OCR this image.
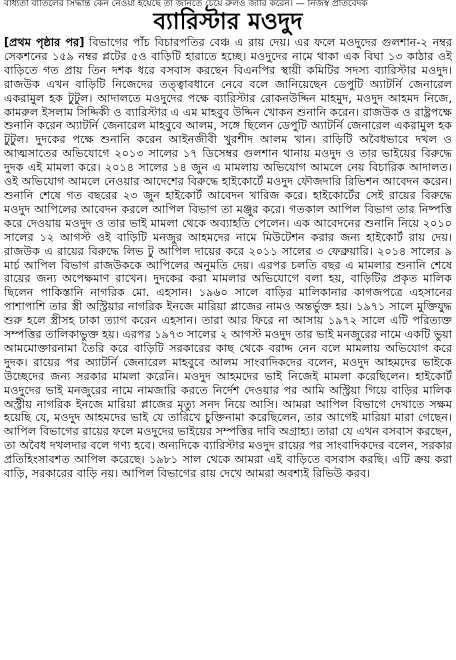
বাধ্যতা বাতিলের সিদ্ধান্ত কেন নেওয়া হয়েছে তা জানতে চেয়ে রুলও জারি করেন। — নিজস্ব প্রতিবেদক
ব্যারিস্টার মওদুদ
[প্রথম পৃষ্ঠার পর] বিভাগের পাঁচ বিচারপতির বেঞ্চ এ রায় দেয়। এর ফলে মওদুদের গুলশান-২ নম্বর সেকশনের ১৫৯ নম্বর প্লটের ৫ও বাড়িটি হারাতে হচ্ছে। মওদুদের নামে থাকা এক বিঘা ১৩ কাঠার ওই বাড়িতে গত প্রায় তিন দশক ধরে বসবাস করছেন বিএনপির স্থায়ী কমিটির সদস্য ব্যারিস্টার মওদুদ। রাজউক এখন বাড়িটি নিজেদের তত্ত্বাবধানে নেবে বলে জানিয়েছেন ডেপুটি অ্যাটর্নি জেনারেল একরামুল হক টুটুল। আদালতে মওদুদের পক্ষে ব্যারিস্টার রোকনউদ্দিন মাহমুদ, মওদুদ আহমদ নিজে, কামরুল ইসলাম সিদ্দিকী ও ব্যারিস্টার এ এম মাহবুব উদ্দিন খোকন শুনানি করেন। রাজউক ও রাষ্ট্রপক্ষে শুনানি করেন অ্যাটর্নি জেনারেল মাহবুবে আলম, সঙ্গে ছিলেন ডেপুটি অ্যাটর্নি জেনারেল একরামুল হক টুটুল। দুদকের পক্ষে শুনানি করেন আইনজীবী খুরশীদ আলম খান। বাড়িটি অবৈধভাবে দখল ও আত্মসাতের অভিযোগে ২০১৩ সালের ১৭ ডিসেম্বর গুলশান থানায় মওদুদ ও তার ভাইয়ের বিরুদ্ধে দুদক এই মামলা করে। ২০১৪ সালের ১৪ জুন এ মামলায় অভিযোগ আমলে নেয় বিচারিক আদালত। ওই অভিযোগ আমলে নেওয়ার আদেশের বিরুদ্ধে হাইকোর্টে মওদুদ ফৌজদারি রিভিশন আবেদন করেন। শুনানি শেষে গত বছরের ২৩ জুন হাইকোর্ট আবেদন খারিজ করে। হাইকোর্টের সেই রায়ের বিরুদ্ধে মওদুদ আপিলের আবেদন করলে আপিল বিভাগ তা মঞ্জুর করে। গতকাল আপিল বিভাগ তার নিষ্পত্তি করে দেওয়ায় মওদুদ ও তার ভাই মামলা থেকে অব্যাহতি পেলেন। এক আবেদনের শুনানি নিয়ে ২০১০ সালের ১২ আগস্ট ওই বাড়িটি মনজুর আহমদের নামে মিউটেশন করার জন্য হাইকোর্ট রায় দেয়। রাজউক এ রায়ের বিরুদ্ধে লিভ টু আপিল দায়ের করে ২০১১ সালের ৩ ফেব্রুয়ারি। ২০১৪ সালের ৯ মার্চ আপিল বিভাগ রাজউককে আপিলের অনুমতি দেয়। এরপর চলতি বছর এ মামলার শুনানি শেষে রায়ের জন্য অপেক্ষমাণ রাখেন। দুদকের করা মামলার অভিযোগে বলা হয়, বাড়িটির প্রকৃত মালিক ছিলেন পাকিস্তানি নাগরিক মো. এহসান। ১৯৬০ সালে বাড়ির মালিকানার কাগজপত্রে এহসানের পাশাপাশি তার স্ত্রী অস্ট্রিয়ার নাগরিক ইনজে মারিয়া প্লাজের নামও অন্তর্ভুক্ত হয়। ১৯৭১ সালে মুক্তিযুদ্ধ শুরু হলে স্ত্রীসহ ঢাকা ত্যাগ করেন এহসান। তারা আর ফিরে না আসায় ১৯৭২ সালে এটি পরিত্যক্ত সম্পত্তির তালিকাভুক্ত হয়। এরপর ১৯৭৩ সালের ২ আগস্ট মওদুদ তার ভাই মনজুরের নামে একটি ভুয়া আমমোক্তারনামা তৈরি করে বাড়িটি সরকারের কাছ থেকে বরাদ্দ নেন বলে মামলায় অভিযোগ করে দুদক। রায়ের পর অ্যাটর্নি জেনারেল মাহবুবে আলম সাংবাদিকদের বলেন, মওদুদ আহমদের ভাইকে উচ্ছেদের জন্য সরকার মামলা করেনি। মওদুদ আহমদের ভাই নিজেই মামলা করেছিলেন। হাইকোর্ট মওদুদের ভাই মনজুরের নামে নামজারি করতে নির্দেশ দেওয়ার পর আমি অস্ট্রিয়া গিয়ে বাড়ির মালিক অস্ট্রীয় নাগরিক ইনজে মারিয়া প্লাজের মৃত্যু সনদ নিয়ে আসি। আমরা আপিল বিভাগে দেখাতে সক্ষম হয়েছি যে, মওদুদ আহমদের ভাই যে তারিখে চুক্তিনামা করেছিলেন, তার আগেই মারিয়া মারা গেছেন। আপিল বিভাগের রায়ের ফলে মওদুদের ভাইয়ের সম্পত্তির দাবি অগ্রাহ্য। তারা যে এখন বসবাস করছেন, তা অবৈধ দখলদার বলে গণ্য হবে। অন্যদিকে ব্যারিস্টার মওদুদ রায়ের পর সাংবাদিকদের বলেন, সরকার প্রতিহিংসাবশত আপিল করেছে। ১৯৮১ সাল থেকে আমরা এই বাড়িতে বসবাস করছি। এটি ক্রয় করা বাড়ি, সরকারের বাড়ি নয়। আপিল বিভাগের রায় দেখে আমরা অবশ্যই রিভিউ করব।
